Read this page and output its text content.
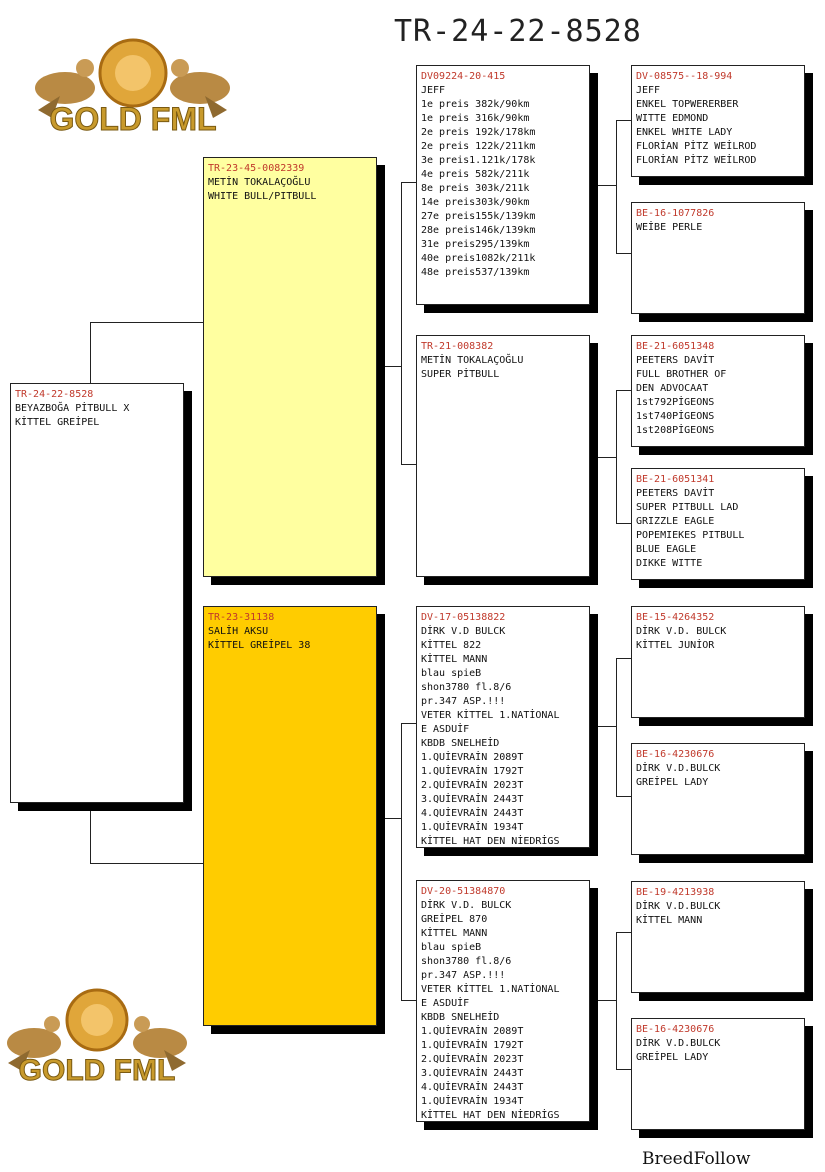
TR-24-22-8528
GOLD FML
GOLD FML
TR-24-22-8528
BEYAZBOĞA PİTBULL X
KİTTEL GREİPEL
TR-23-45-0082339
METİN TOKALAÇOĞLU
WHITE BULL/PITBULL
TR-23-31138
SALİH AKSU
KİTTEL GREİPEL 38
DV09224-20-415
JEFF
1e preis 382k/90km
1e preis 316k/90km
2e preis 192k/178km
2e preis 122k/211km
3e preis1.121k/178k
4e preis 582k/211k
8e preis 303k/211k
14e preis303k/90km
27e preis155k/139km
28e preis146k/139km
31e preis295/139km
40e preis1082k/211k
48e preis537/139km
TR-21-008382
METİN TOKALAÇOĞLU
SUPER PİTBULL
DV-17-05138822
DİRK V.D BULCK
KİTTEL 822
KİTTEL MANN
blau spieB
shon3780 fl.8/6
pr.347 ASP.!!!
VETER KİTTEL 1.NATİONAL
E ASDUİF
KBDB SNELHEİD
1.QUİEVRAİN 2089T
1.QUİEVRAİN 1792T
2.QUİEVRAİN 2023T
3.QUİEVRAİN 2443T
4.QUİEVRAİN 2443T
1.QUİEVRAİN 1934T
KİTTEL HAT DEN NİEDRİGS
DV-20-51384870
DİRK V.D. BULCK
GREİPEL 870
KİTTEL MANN
blau spieB
shon3780 fl.8/6
pr.347 ASP.!!!
VETER KİTTEL 1.NATİONAL
E ASDUİF
KBDB SNELHEİD
1.QUİEVRAİN 2089T
1.QUİEVRAİN 1792T
2.QUİEVRAİN 2023T
3.QUİEVRAİN 2443T
4.QUİEVRAİN 2443T
1.QUİEVRAİN 1934T
KİTTEL HAT DEN NİEDRİGS
DV-08575--18-994
JEFF
ENKEL TOPWERERBER
WITTE EDMOND
ENKEL WHITE LADY
FLORİAN PİTZ WEİLROD
FLORİAN PİTZ WEİLROD
BE-16-1077826
WEİBE PERLE
BE-21-6051348
PEETERS DAVİT
FULL BROTHER OF
DEN ADVOCAAT
1st792PİGEONS
1st740PİGEONS
1st208PİGEONS
BE-21-6051341
PEETERS DAVİT
SUPER PITBULL LAD
GRIZZLE EAGLE
POPEMIEKES PITBULL
BLUE EAGLE
DIKKE WITTE
BE-15-4264352
DİRK V.D. BULCK
KİTTEL JUNİOR
BE-16-4230676
DİRK V.D.BULCK
GREİPEL LADY
BE-19-4213938
DİRK V.D.BULCK
KİTTEL MANN
BE-16-4230676
DİRK V.D.BULCK
GREİPEL LADY
BreedFollow
